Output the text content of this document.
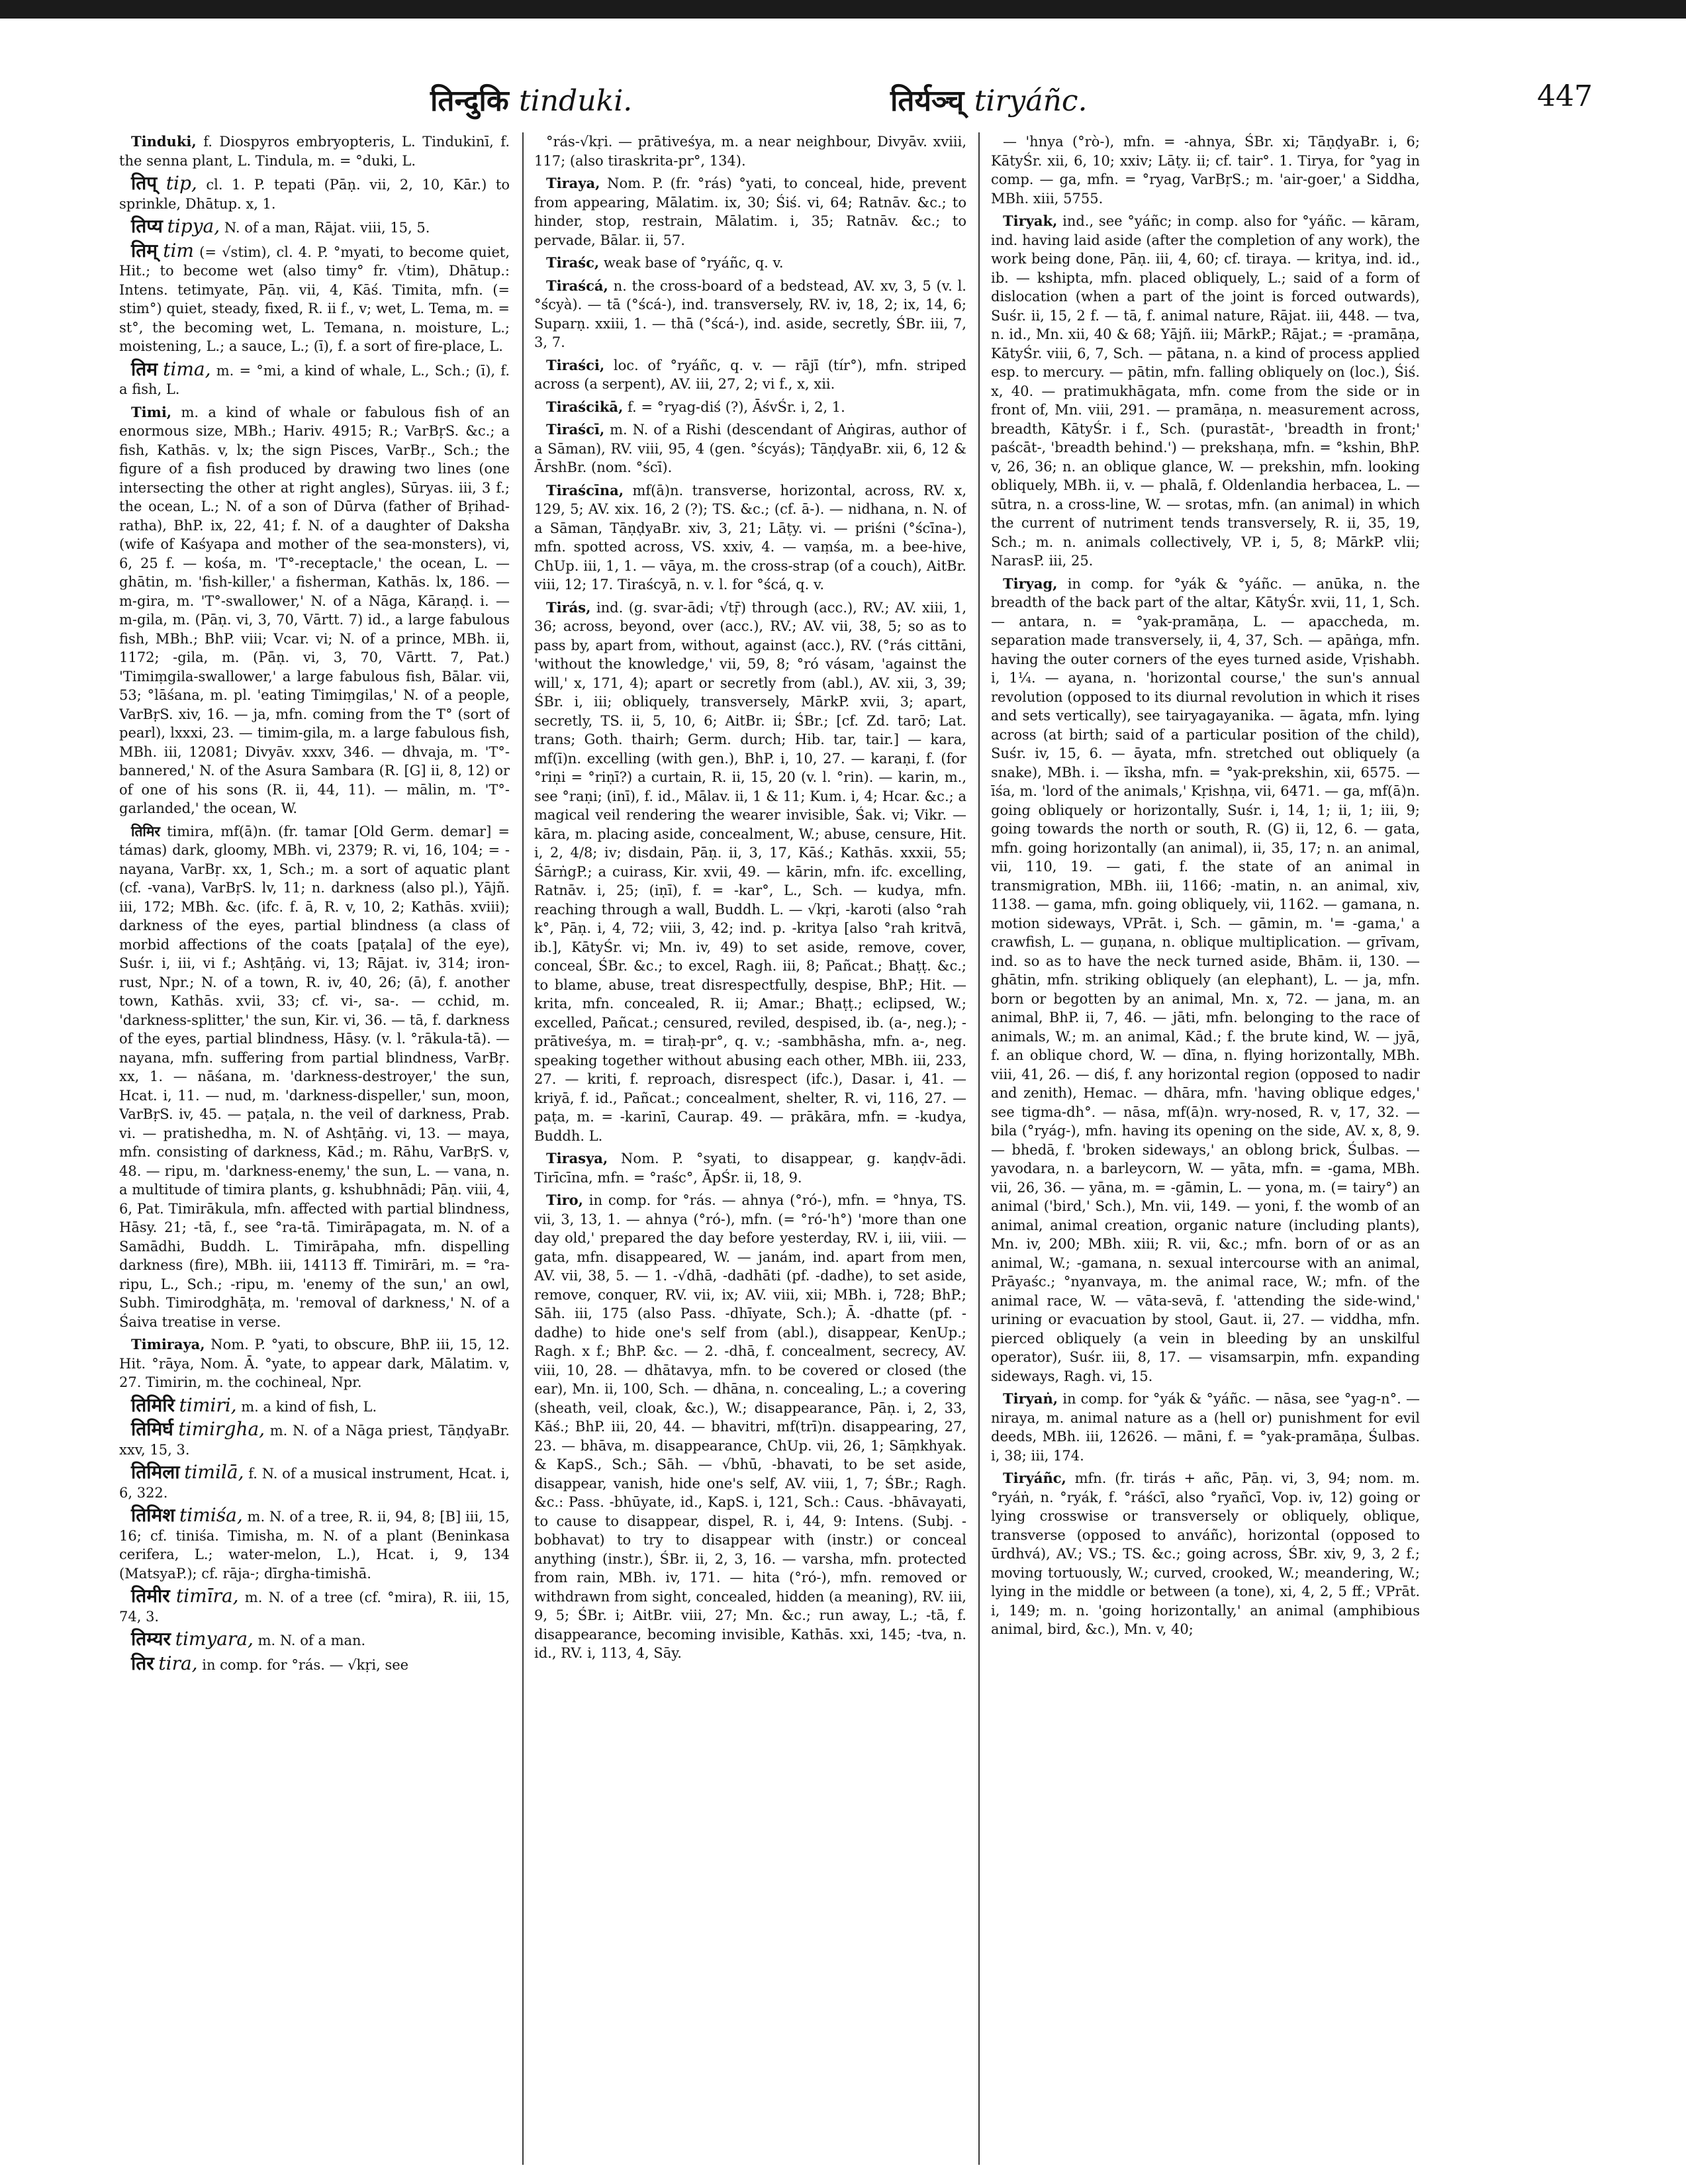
तिन्दुकि tinduki.	तिर्यञ्च् tiryáñc.	447

Tinduki, f. Diospyros embryopteris, L. Tindukinī, f. the senna plant, L. Tindula, m. = °duki, L.

तिप् tip, cl. 1. P. tepati (Pāṇ. vii, 2, 10, Kār.) to sprinkle, Dhātup. x, 1.

तिप्य tipya, N. of a man, Rājat. viii, 15, 5.

तिम् tim (= √stim), cl. 4. P. °myati, to become quiet, Hit.; to become wet (also timy° fr. √tim), Dhātup.: Intens. tetimyate, Pāṇ. vii, 4, Kāś. Timita, mfn. (= stim°) quiet, steady, fixed, R. ii f., v; wet, L. Tema, m. = st°, the becoming wet, L. Temana, n. moisture, L.; moistening, L.; a sauce, L.; (ī), f. a sort of fire-place, L.

तिम tima, m. = °mi, a kind of whale, L., Sch.; (ī), f. a fish, L.

Timi, m. a kind of whale or fabulous fish of an enormous size, MBh.; Hariv. 4915; R.; VarBṛS. &c.; a fish, Kathās. v, lx; the sign Pisces, VarBṛ., Sch.; the figure of a fish produced by drawing two lines (one intersecting the other at right angles), Sūryas. iii, 3 f.; the ocean, L.; N. of a son of Dūrva (father of Bṛihad-ratha), BhP. ix, 22, 41; f. N. of a daughter of Daksha (wife of Kaśyapa and mother of the sea-monsters), vi, 6, 25 f. — kośa, m. 'T°-receptacle,' the ocean, L. — ghātin, m. 'fish-killer,' a fisherman, Kathās. lx, 186. — m-gira, m. 'T°-swallower,' N. of a Nāga, Kāraṇḍ. i. — m-gila, m. (Pāṇ. vi, 3, 70, Vārtt. 7) id., a large fabulous fish, MBh.; BhP. viii; Vcar. vi; N. of a prince, MBh. ii, 1172; -gila, m. (Pāṇ. vi, 3, 70, Vārtt. 7, Pat.) 'Timiṃgila-swallower,' a large fabulous fish, Bālar. vii, 53; °lāśana, m. pl. 'eating Timiṃgilas,' N. of a people, VarBṛS. xiv, 16. — ja, mfn. coming from the T° (sort of pearl), lxxxi, 23. — timim-gila, m. a large fabulous fish, MBh. iii, 12081; Divyāv. xxxv, 346. — dhvaja, m. 'T°-bannered,' N. of the Asura Sambara (R. [G] ii, 8, 12) or of one of his sons (R. ii, 44, 11). — mālin, m. 'T°-garlanded,' the ocean, W.

तिमिर timira, mf(ā)n. (fr. tamar [Old Germ. demar] = támas) dark, gloomy, MBh. vi, 2379; R. vi, 16, 104; = -nayana, VarBṛ. xx, 1, Sch.; m. a sort of aquatic plant (cf. -vana), VarBṛS. lv, 11; n. darkness (also pl.), Yājñ. iii, 172; MBh. &c. (ifc. f. ā, R. v, 10, 2; Kathās. xviii); darkness of the eyes, partial blindness (a class of morbid affections of the coats [paṭala] of the eye), Suśr. i, iii, vi f.; Ashṭāṅg. vi, 13; Rājat. iv, 314; iron-rust, Npr.; N. of a town, R. iv, 40, 26; (ā), f. another town, Kathās. xvii, 33; cf. vi-, sa-. — cchid, m. 'darkness-splitter,' the sun, Kir. vi, 36. — tā, f. darkness of the eyes, partial blindness, Hāsy. (v. l. °rākula-tā). — nayana, mfn. suffering from partial blindness, VarBṛ. xx, 1. — nāśana, m. 'darkness-destroyer,' the sun, Hcat. i, 11. — nud, m. 'darkness-dispeller,' sun, moon, VarBṛS. iv, 45. — paṭala, n. the veil of darkness, Prab. vi. — pratishedha, m. N. of Ashṭāṅg. vi, 13. — maya, mfn. consisting of darkness, Kād.; m. Rāhu, VarBṛS. v, 48. — ripu, m. 'darkness-enemy,' the sun, L. — vana, n. a multitude of timira plants, g. kshubhnādi; Pāṇ. viii, 4, 6, Pat. Timirākula, mfn. affected with partial blindness, Hāsy. 21; -tā, f., see °ra-tā. Timirāpagata, m. N. of a Samādhi, Buddh. L. Timirāpaha, mfn. dispelling darkness (fire), MBh. iii, 14113 ff. Timirāri, m. = °ra-ripu, L., Sch.; -ripu, m. 'enemy of the sun,' an owl, Subh. Timirodghāṭa, m. 'removal of darkness,' N. of a Śaiva treatise in verse.

Timiraya, Nom. P. °yati, to obscure, BhP. iii, 15, 12. Hit. °rāya, Nom. Ā. °yate, to appear dark, Mālatim. v, 27. Timirin, m. the cochineal, Npr.

तिमिरि timiri, m. a kind of fish, L.

तिमिर्घ timirgha, m. N. of a Nāga priest, TāṇḍyaBr. xxv, 15, 3.

तिमिला timilā, f. N. of a musical instrument, Hcat. i, 6, 322.

तिमिश timiśa, m. N. of a tree, R. ii, 94, 8; [B] iii, 15, 16; cf. tiniśa. Timisha, m. N. of a plant (Beninkasa cerifera, L.; water-melon, L.), Hcat. i, 9, 134 (MatsyaP.); cf. rāja-; dīrgha-timishā.

तिमीर timīra, m. N. of a tree (cf. °mira), R. iii, 15, 74, 3.

तिम्यर timyara, m. N. of a man.

तिर tira, in comp. for °rás. — √kṛi, see

°rás-√kṛi. — prātiveśya, m. a near neighbour, Divyāv. xviii, 117; (also tiraskrita-pr°, 134).

Tiraya, Nom. P. (fr. °rás) °yati, to conceal, hide, prevent from appearing, Mālatim. ix, 30; Śiś. vi, 64; Ratnāv. &c.; to hinder, stop, restrain, Mālatim. i, 35; Ratnāv. &c.; to pervade, Bālar. ii, 57.

Tiraśc, weak base of °ryáñc, q. v.

Tiraścá, n. the cross-board of a bedstead, AV. xv, 3, 5 (v. l. °ścyà). — tā (°ścá-), ind. transversely, RV. iv, 18, 2; ix, 14, 6; Suparṇ. xxiii, 1. — thā (°ścá-), ind. aside, secretly, ŚBr. iii, 7, 3, 7.

Tiraści, loc. of °ryáñc, q. v. — rājī (tír°), mfn. striped across (a serpent), AV. iii, 27, 2; vi f., x, xii.

Tiraścikā, f. = °ryag-diś (?), ĀśvŚr. i, 2, 1.

Tiraścī, m. N. of a Rishi (descendant of Aṅgiras, author of a Sāman), RV. viii, 95, 4 (gen. °ścyás); TāṇḍyaBr. xii, 6, 12 & ĀrshBr. (nom. °ścī).

Tiraścīna, mf(ā)n. transverse, horizontal, across, RV. x, 129, 5; AV. xix. 16, 2 (?); TS. &c.; (cf. ā-). — nidhana, n. N. of a Sāman, TāṇḍyaBr. xiv, 3, 21; Lāṭy. vi. — priśni (°ścīna-), mfn. spotted across, VS. xxiv, 4. — vaṃśa, m. a bee-hive, ChUp. iii, 1, 1. — vāya, m. the cross-strap (of a couch), AitBr. viii, 12; 17. Tiraścyā, n. v. l. for °ścá, q. v.

Tirás, ind. (g. svar-ādi; √tṝ) through (acc.), RV.; AV. xiii, 1, 36; across, beyond, over (acc.), RV.; AV. vii, 38, 5; so as to pass by, apart from, without, against (acc.), RV. (°rás cittāni, 'without the knowledge,' vii, 59, 8; °ró vásam, 'against the will,' x, 171, 4); apart or secretly from (abl.), AV. xii, 3, 39; ŚBr. i, iii; obliquely, transversely, MārkP. xvii, 3; apart, secretly, TS. ii, 5, 10, 6; AitBr. ii; ŚBr.; [cf. Zd. tarō; Lat. trans; Goth. thairh; Germ. durch; Hib. tar, tair.] — kara, mf(ī)n. excelling (with gen.), BhP. i, 10, 27. — karaṇi, f. (for °riṇi = °riṇī?) a curtain, R. ii, 15, 20 (v. l. °rin). — karin, m., see °raṇi; (inī), f. id., Mālav. ii, 1 & 11; Kum. i, 4; Hcar. &c.; a magical veil rendering the wearer invisible, Śak. vi; Vikr. — kāra, m. placing aside, concealment, W.; abuse, censure, Hit. i, 2, 4/8; iv; disdain, Pāṇ. ii, 3, 17, Kāś.; Kathās. xxxii, 55; ŚārṅgP.; a cuirass, Kir. xvii, 49. — kārin, mfn. ifc. excelling, Ratnāv. i, 25; (iṇī), f. = -kar°, L., Sch. — kudya, mfn. reaching through a wall, Buddh. L. — √kṛi, -karoti (also °rah k°, Pāṇ. i, 4, 72; viii, 3, 42; ind. p. -kritya [also °rah kritvā, ib.], KātyŚr. vi; Mn. iv, 49) to set aside, remove, cover, conceal, ŚBr. &c.; to excel, Ragh. iii, 8; Pañcat.; Bhaṭṭ. &c.; to blame, abuse, treat disrespectfully, despise, BhP.; Hit. — krita, mfn. concealed, R. ii; Amar.; Bhaṭṭ.; eclipsed, W.; excelled, Pañcat.; censured, reviled, despised, ib. (a-, neg.); -prātiveśya, m. = tiraḥ-pr°, q. v.; -sambhāsha, mfn. a-, neg. speaking together without abusing each other, MBh. iii, 233, 27. — kriti, f. reproach, disrespect (ifc.), Dasar. i, 41. — kriyā, f. id., Pañcat.; concealment, shelter, R. vi, 116, 27. — paṭa, m. = -karinī, Caurap. 49. — prākāra, mfn. = -kudya, Buddh. L.

Tirasya, Nom. P. °syati, to disappear, g. kaṇḍv-ādi. Tirīcīna, mfn. = °raśc°, ĀpŚr. ii, 18, 9.

Tiro, in comp. for °rás. — ahnya (°ró-), mfn. = °hnya, TS. vii, 3, 13, 1. — ahnya (°ró-), mfn. (= °ró-'h°) 'more than one day old,' prepared the day before yesterday, RV. i, iii, viii. — gata, mfn. disappeared, W. — janám, ind. apart from men, AV. vii, 38, 5. — 1. -√dhā, -dadhāti (pf. -dadhe), to set aside, remove, conquer, RV. vii, ix; AV. viii, xii; MBh. i, 728; BhP.; Sāh. iii, 175 (also Pass. -dhīyate, Sch.); Ā. -dhatte (pf. -dadhe) to hide one's self from (abl.), disappear, KenUp.; Ragh. x f.; BhP. &c. — 2. -dhā, f. concealment, secrecy, AV. viii, 10, 28. — dhātavya, mfn. to be covered or closed (the ear), Mn. ii, 100, Sch. — dhāna, n. concealing, L.; a covering (sheath, veil, cloak, &c.), W.; disappearance, Pāṇ. i, 2, 33, Kāś.; BhP. iii, 20, 44. — bhavitri, mf(trī)n. disappearing, 27, 23. — bhāva, m. disappearance, ChUp. vii, 26, 1; Sāṃkhyak. & KapS., Sch.; Sāh. — √bhū, -bhavati, to be set aside, disappear, vanish, hide one's self, AV. viii, 1, 7; ŚBr.; Ragh. &c.: Pass. -bhūyate, id., KapS. i, 121, Sch.: Caus. -bhāvayati, to cause to disappear, dispel, R. i, 44, 9: Intens. (Subj. -bobhavat) to try to disappear with (instr.) or conceal anything (instr.), ŚBr. ii, 2, 3, 16. — varsha, mfn. protected from rain, MBh. iv, 171. — hita (°ró-), mfn. removed or withdrawn from sight, concealed, hidden (a meaning), RV. iii, 9, 5; ŚBr. i; AitBr. viii, 27; Mn. &c.; run away, L.; -tā, f. disappearance, becoming invisible, Kathās. xxi, 145; -tva, n. id., RV. i, 113, 4, Sāy.

— 'hnya (°rò-), mfn. = -ahnya, ŚBr. xi; TāṇḍyaBr. i, 6; KātyŚr. xii, 6, 10; xxiv; Lāṭy. ii; cf. tair°. 1. Tirya, for °yag in comp. — ga, mfn. = °ryag, VarBṛS.; m. 'air-goer,' a Siddha, MBh. xiii, 5755.

Tiryak, ind., see °yáñc; in comp. also for °yáñc. — kāram, ind. having laid aside (after the completion of any work), the work being done, Pāṇ. iii, 4, 60; cf. tiraya. — kritya, ind. id., ib. — kshipta, mfn. placed obliquely, L.; said of a form of dislocation (when a part of the joint is forced outwards), Suśr. ii, 15, 2 f. — tā, f. animal nature, Rājat. iii, 448. — tva, n. id., Mn. xii, 40 & 68; Yājñ. iii; MārkP.; Rājat.; = -pramāṇa, KātyŚr. viii, 6, 7, Sch. — pātana, n. a kind of process applied esp. to mercury. — pātin, mfn. falling obliquely on (loc.), Śiś. x, 40. — pratimukhāgata, mfn. come from the side or in front of, Mn. viii, 291. — pramāṇa, n. measurement across, breadth, KātyŚr. i f., Sch. (purastāt-, 'breadth in front;' paścāt-, 'breadth behind.') — prekshaṇa, mfn. = °kshin, BhP. v, 26, 36; n. an oblique glance, W. — prekshin, mfn. looking obliquely, MBh. ii, v. — phalā, f. Oldenlandia herbacea, L. — sūtra, n. a cross-line, W. — srotas, mfn. (an animal) in which the current of nutriment tends transversely, R. ii, 35, 19, Sch.; m. n. animals collectively, VP. i, 5, 8; MārkP. vlii; NarasP. iii, 25.

Tiryag, in comp. for °yák & °yáñc. — anūka, n. the breadth of the back part of the altar, KātyŚr. xvii, 11, 1, Sch. — antara, n. = °yak-pramāṇa, L. — apaccheda, m. separation made transversely, ii, 4, 37, Sch. — apāṅga, mfn. having the outer corners of the eyes turned aside, Vṛishabh. i, 1¼. — ayana, n. 'horizontal course,' the sun's annual revolution (opposed to its diurnal revolution in which it rises and sets vertically), see tairyagayanika. — āgata, mfn. lying across (at birth; said of a particular position of the child), Suśr. iv, 15, 6. — āyata, mfn. stretched out obliquely (a snake), MBh. i. — īksha, mfn. = °yak-prekshin, xii, 6575. — īśa, m. 'lord of the animals,' Kṛishṇa, vii, 6471. — ga, mf(ā)n. going obliquely or horizontally, Suśr. i, 14, 1; ii, 1; iii, 9; going towards the north or south, R. (G) ii, 12, 6. — gata, mfn. going horizontally (an animal), ii, 35, 17; n. an animal, vii, 110, 19. — gati, f. the state of an animal in transmigration, MBh. iii, 1166; -matin, n. an animal, xiv, 1138. — gama, mfn. going obliquely, vii, 1162. — gamana, n. motion sideways, VPrāt. i, Sch. — gāmin, m. '= -gama,' a crawfish, L. — guṇana, n. oblique multiplication. — grīvam, ind. so as to have the neck turned aside, Bhām. ii, 130. — ghātin, mfn. striking obliquely (an elephant), L. — ja, mfn. born or begotten by an animal, Mn. x, 72. — jana, m. an animal, BhP. ii, 7, 46. — jāti, mfn. belonging to the race of animals, W.; m. an animal, Kād.; f. the brute kind, W. — jyā, f. an oblique chord, W. — dīna, n. flying horizontally, MBh. viii, 41, 26. — diś, f. any horizontal region (opposed to nadir and zenith), Hemac. — dhāra, mfn. 'having oblique edges,' see tigma-dh°. — nāsa, mf(ā)n. wry-nosed, R. v, 17, 32. — bila (°ryág-), mfn. having its opening on the side, AV. x, 8, 9. — bhedā, f. 'broken sideways,' an oblong brick, Śulbas. — yavodara, n. a barleycorn, W. — yāta, mfn. = -gama, MBh. vii, 26, 36. — yāna, m. = -gāmin, L. — yona, m. (= tairy°) an animal ('bird,' Sch.), Mn. vii, 149. — yoni, f. the womb of an animal, animal creation, organic nature (including plants), Mn. iv, 200; MBh. xiii; R. vii, &c.; mfn. born of or as an animal, W.; -gamana, n. sexual intercourse with an animal, Prāyaśc.; °nyanvaya, m. the animal race, W.; mfn. of the animal race, W. — vāta-sevā, f. 'attending the side-wind,' urining or evacuation by stool, Gaut. ii, 27. — viddha, mfn. pierced obliquely (a vein in bleeding by an unskilful operator), Suśr. iii, 8, 17. — visamsarpin, mfn. expanding sideways, Ragh. vi, 15.

Tiryaṅ, in comp. for °yák & °yáñc. — nāsa, see °yag-n°. — niraya, m. animal nature as a (hell or) punishment for evil deeds, MBh. iii, 12626. — māni, f. = °yak-pramāṇa, Śulbas. i, 38; iii, 174.

Tiryáñc, mfn. (fr. tirás + añc, Pāṇ. vi, 3, 94; nom. m. °ryáṅ, n. °ryák, f. °ráścī, also °ryañcī, Vop. iv, 12) going or lying crosswise or transversely or obliquely, oblique, transverse (opposed to anváñc), horizontal (opposed to ūrdhvá), AV.; VS.; TS. &c.; going across, ŚBr. xiv, 9, 3, 2 f.; moving tortuously, W.; curved, crooked, W.; meandering, W.; lying in the middle or between (a tone), xi, 4, 2, 5 ff.; VPrāt. i, 149; m. n. 'going horizontally,' an animal (amphibious animal, bird, &c.), Mn. v, 40;
